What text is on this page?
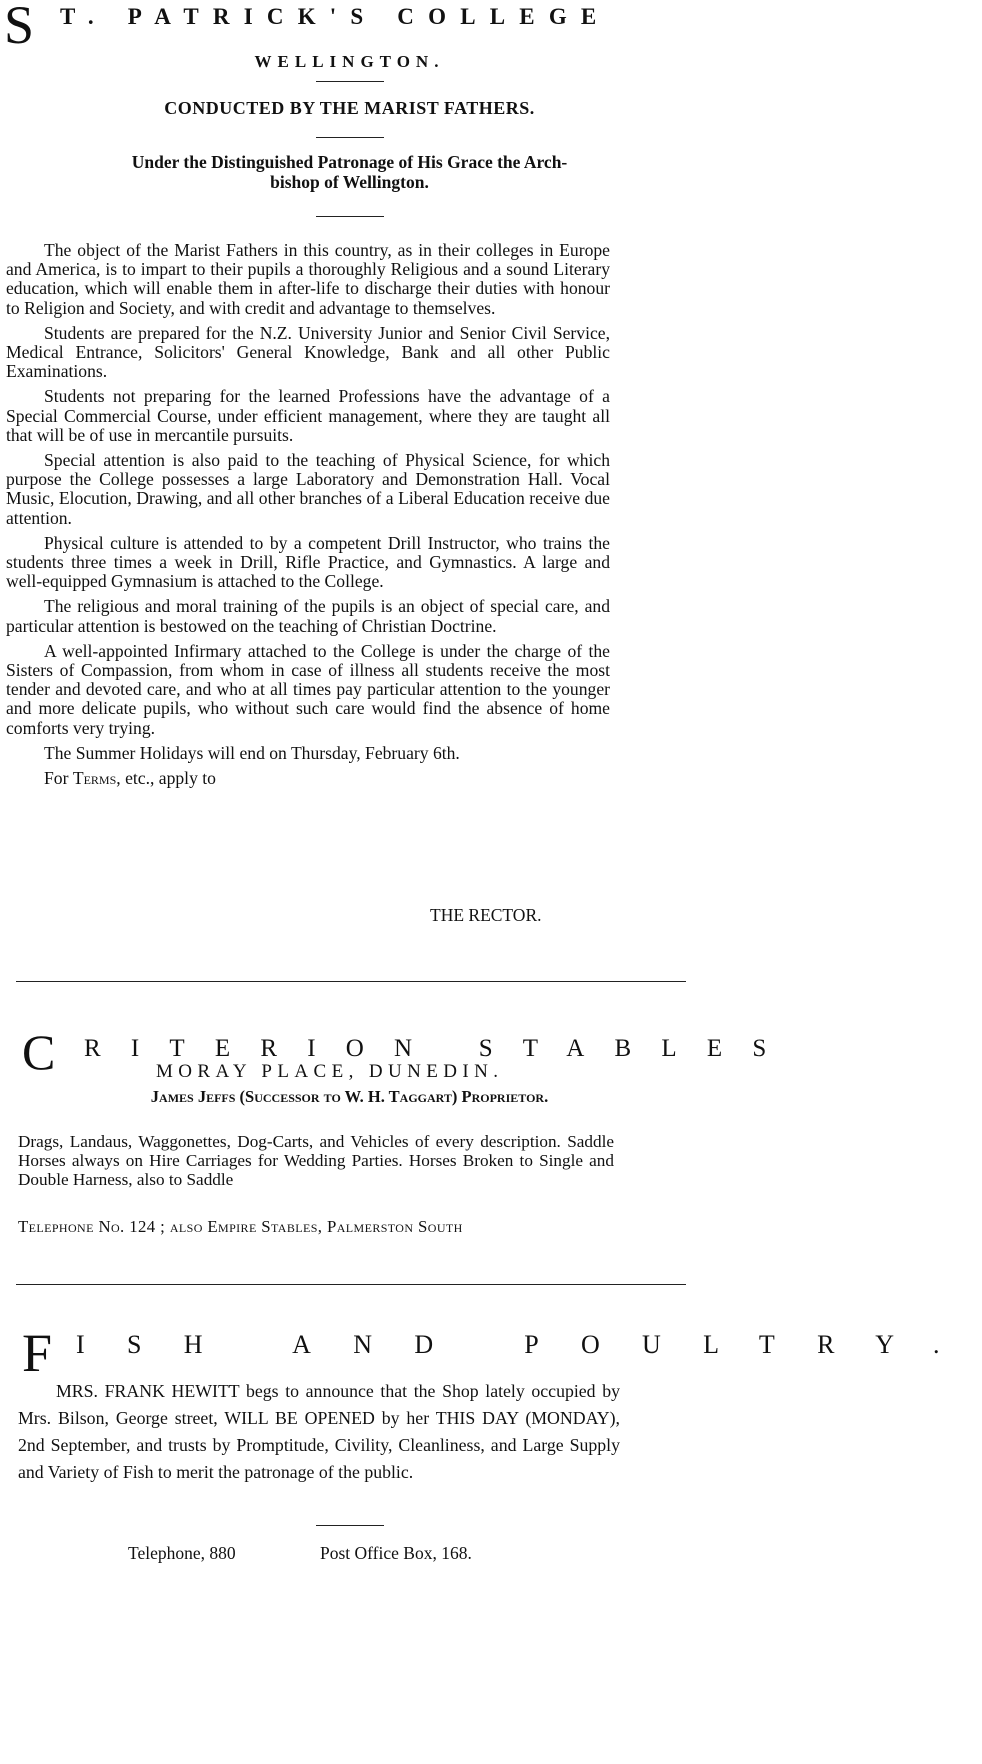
S T. PATRICK'S COLLEGE
WELLINGTON.
CONDUCTED BY THE MARIST FATHERS.
Under the Distinguished Patronage of His Grace the Arch-
bishop of Wellington.

The object of the Marist Fathers in this country, as in their colleges in Europe and America, is to impart to their pupils a thoroughly Religious and a sound Literary education, which will enable them in after-life to discharge their duties with honour to Religion and Society, and with credit and advantage to themselves.

Students are prepared for the N.Z. University Junior and Senior Civil Service, Medical Entrance, Solicitors' General Knowledge, Bank and all other Public Examinations.

Students not preparing for the learned Professions have the advantage of a Special Commercial Course, under efficient management, where they are taught all that will be of use in mercantile pursuits.

Special attention is also paid to the teaching of Physical Science, for which purpose the College possesses a large Laboratory and Demonstration Hall. Vocal Music, Elocution, Drawing, and all other branches of a Liberal Education receive due attention.

Physical culture is attended to by a competent Drill Instructor, who trains the students three times a week in Drill, Rifle Practice, and Gymnastics. A large and well-equipped Gymnasium is attached to the College.

The religious and moral training of the pupils is an object of special care, and particular attention is bestowed on the teaching of Christian Doctrine.

A well-appointed Infirmary attached to the College is under the charge of the Sisters of Compassion, from whom in case of illness all students receive the most tender and devoted care, and who at all times pay particular attention to the younger and more delicate pupils, who without such care would find the absence of home comforts very trying.

The Summer Holidays will end on Thursday, February 6th.

For Terms, etc., apply to

THE RECTOR.
C RITERION STABLES
MORAY PLACE, DUNEDIN.
James Jeffs (Successor to W. H. Taggart) Proprietor.
Drags, Landaus, Waggonettes, Dog-Carts, and Vehicles of every description. Saddle Horses always on Hire Carriages for Wedding Parties. Horses Broken to Single and Double Harness, also to Saddle
Telephone No. 124 ; also Empire Stables, Palmerston South
F ISH AND POULTRY.
MRS. FRANK HEWITT begs to announce that the Shop lately occupied by Mrs. Bilson, George street, WILL BE OPENED by her THIS DAY (MONDAY), 2nd September, and trusts by Promptitude, Civility, Cleanliness, and Large Supply and Variety of Fish to merit the patronage of the public.
Telephone, 880	Post Office Box, 168.
